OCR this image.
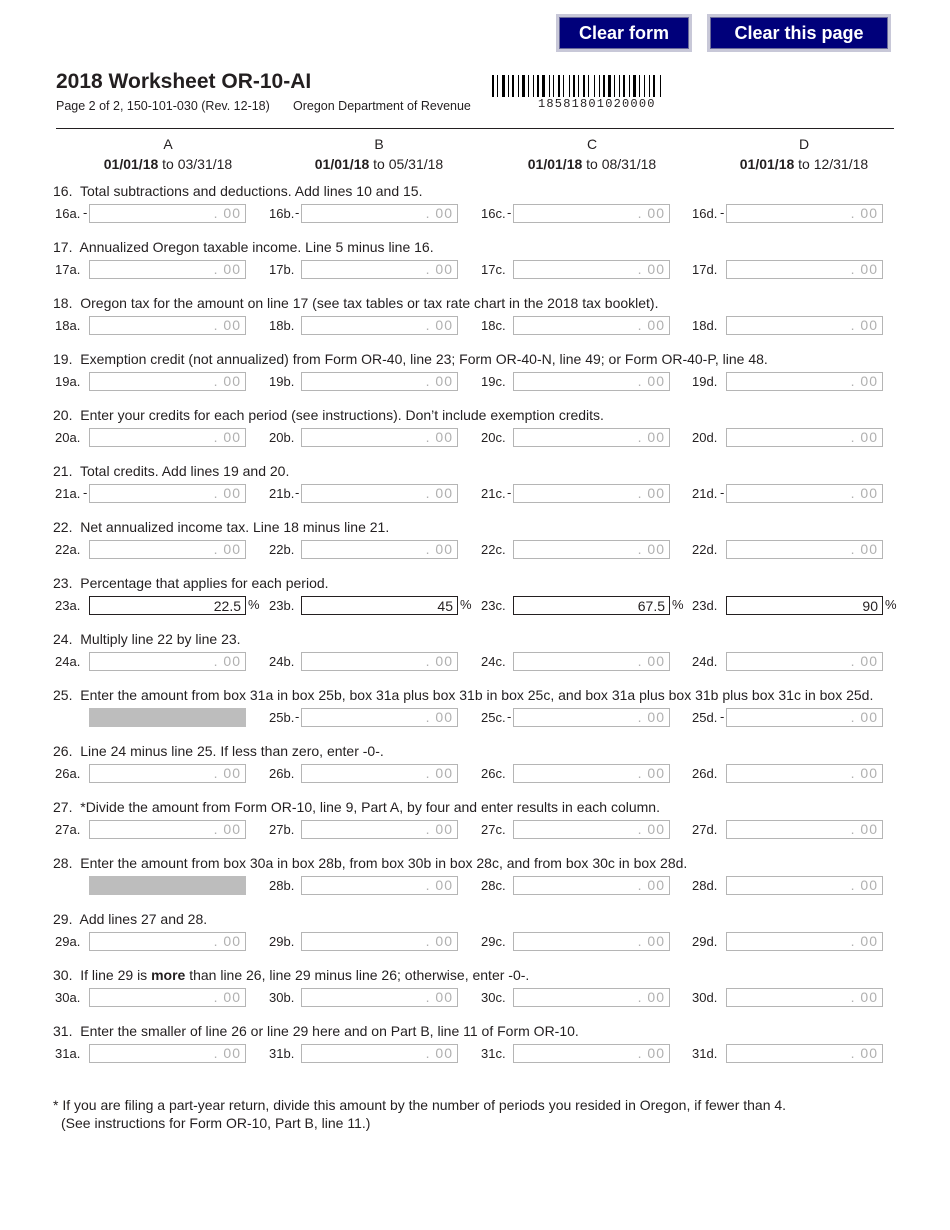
Clear form	Clear this page
2018 Worksheet OR-10-AI
Page 2 of 2, 150-101-030 (Rev. 12-18) Oregon Department of Revenue	18581801020000
A
01/01/18 to 03/31/18
B
01/01/18 to 05/31/18
C
01/01/18 to 08/31/18
D
01/01/18 to 12/31/18
16. Total subtractions and deductions. Add lines 10 and 15.
16a. -	. 00 16b. -	. 00 16c. -	. 00 16d. -	. 00
17. Annualized Oregon taxable income. Line 5 minus line 16.
17a.	. 00 17b.	. 00 17c.	. 00 17d.	. 00
18. Oregon tax for the amount on line 17 (see tax tables or tax rate chart in the 2018 tax booklet).
18a.	. 00 18b.	. 00 18c.	. 00 18d.	. 00
19. Exemption credit (not annualized) from Form OR-40, line 23; Form OR-40-N, line 49; or Form OR-40-P, line 48.
19a.	. 00 19b.	. 00 19c.	. 00 19d.	. 00
20. Enter your credits for each period (see instructions). Don’t include exemption credits.
20a.	. 00 20b.	. 00 20c.	. 00 20d.	. 00
21. Total credits. Add lines 19 and 20.
21a. -	. 00 21b. -	. 00 21c. -	. 00 21d. -	. 00
22. Net annualized income tax. Line 18 minus line 21.
22a.	. 00 22b.	. 00 22c.	. 00 22d.	. 00
23. Percentage that applies for each period.
23a.	22.5 % 23b.	45 % 23c.	67.5 % 23d.	90 %
24. Multiply line 22 by line 23.
24a.	. 00 24b.	. 00 24c.	. 00 24d.	. 00
25. Enter the amount from box 31a in box 25b, box 31a plus box 31b in box 25c, and box 31a plus box 31b plus box 31c in box 25d.
25b. -	. 00 25c. -	. 00 25d. -	. 00
26. Line 24 minus line 25. If less than zero, enter -0-.
26a.	. 00 26b.	. 00 26c.	. 00 26d.	. 00
27. *Divide the amount from Form OR-10, line 9, Part A, by four and enter results in each column.
27a.	. 00 27b.	. 00 27c.	. 00 27d.	. 00
28. Enter the amount from box 30a in box 28b, from box 30b in box 28c, and from box 30c in box 28d.
28b.	. 00 28c.	. 00 28d.	. 00
29. Add lines 27 and 28.
29a.	. 00 29b.	. 00 29c.	. 00 29d.	. 00
30. If line 29 is more than line 26, line 29 minus line 26; otherwise, enter -0-.
30a.	. 00 30b.	. 00 30c.	. 00 30d.	. 00
31. Enter the smaller of line 26 or line 29 here and on Part B, line 11 of Form OR-10.
31a.	. 00 31b.	. 00 31c.	. 00 31d.	. 00
* If you are filing a part-year return, divide this amount by the number of periods you resided in Oregon, if fewer than 4.
(See instructions for Form OR-10, Part B, line 11.)
